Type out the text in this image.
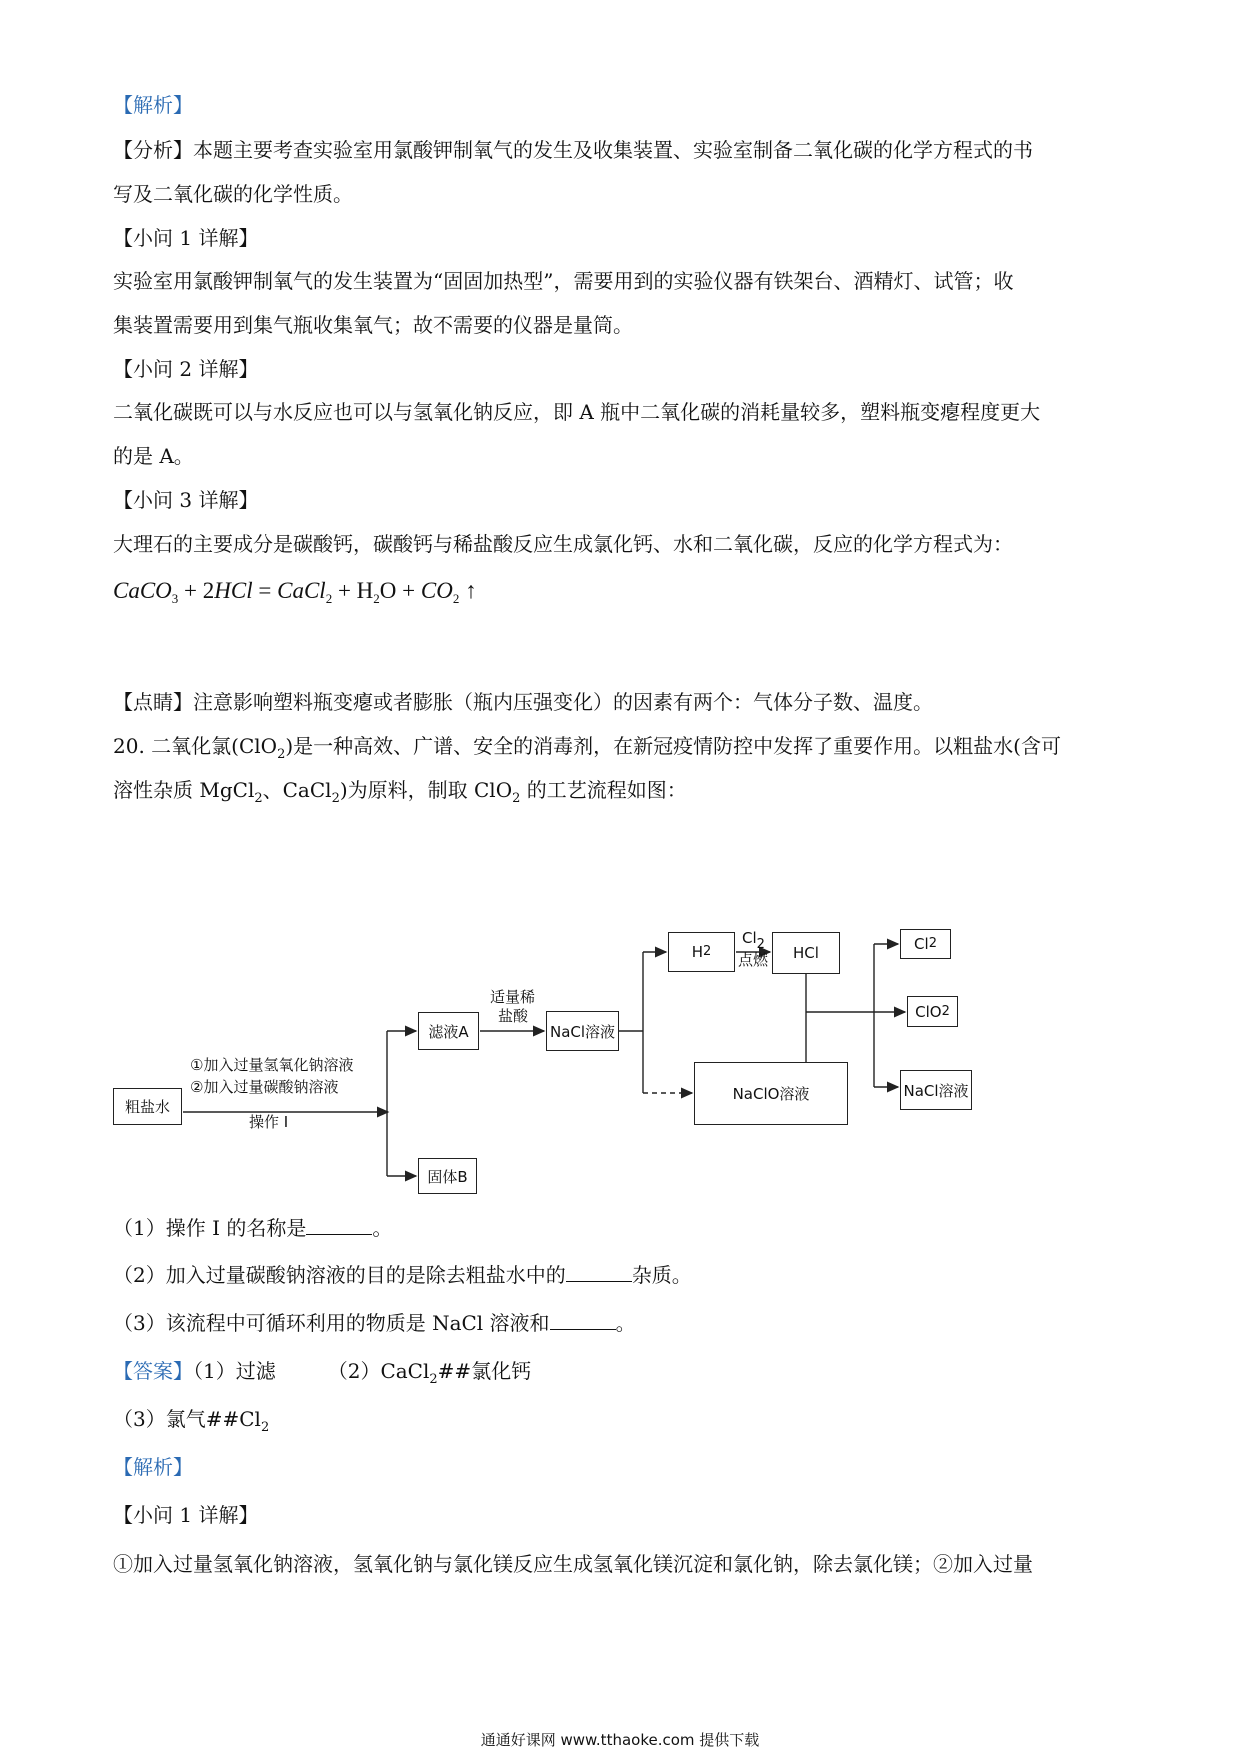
【解析】
【分析】本题主要考查实验室用氯酸钾制氧气的发生及收集装置、实验室制备二氧化碳的化学方程式的书
写及二氧化碳的化学性质。
【小问 1 详解】
实验室用氯酸钾制氧气的发生装置为“固固加热型”，需要用到的实验仪器有铁架台、酒精灯、试管；收
集装置需要用到集气瓶收集氧气；故不需要的仪器是量筒。
【小问 2 详解】
二氧化碳既可以与水反应也可以与氢氧化钠反应，即 A 瓶中二氧化碳的消耗量较多，塑料瓶变瘪程度更大
的是 A。
【小问 3 详解】
大理石的主要成分是碳酸钙，碳酸钙与稀盐酸反应生成氯化钙、水和二氧化碳，反应的化学方程式为：
CaCO$_3$ + 2HCl = CaCl$_2$ + $H_2O + CO_2$ ↑
【点睛】注意影响塑料瓶变瘪或者膨胀（瓶内压强变化）的因素有两个：气体分子数、温度。
20. 二氧化氯(ClO$_2$)是一种高效、广谱、安全的消毒剂，在新冠疫情防控中发挥了重要作用。以粗盐水(含可
溶性杂质 MgCl$_2$、CaCl$_2$)为原料，制取 ClO$_2$ 的工艺流程如图：
粗盐水
滤液A
固体B
NaCl溶液
H 2	HCl
NaClO溶液
Cl 2
ClO 2
NaCl溶液
①加入过量氢氧化钠溶液
②加入过量碳酸钠溶液
操作 I
适量稀
盐酸
$Cl_2$
点燃
（1）操作 I 的名称是	。
（2）加入过量碳酸钠溶液的目的是除去粗盐水中的	杂质。
（3）该流程中可循环利用的物质是 NaCl 溶液和	。
【答案】（1）过滤	（2）CaCl$_2$##氯化钙
（3）氯气$\#\#Cl_2$
【解析】
【小问 1 详解】
①加入过量氢氧化钠溶液，氢氧化钠与氯化镁反应生成氢氧化镁沉淀和氯化钠，除去氯化镁；②加入过量
通通好课网 www.tthaoke.com 提供下载
